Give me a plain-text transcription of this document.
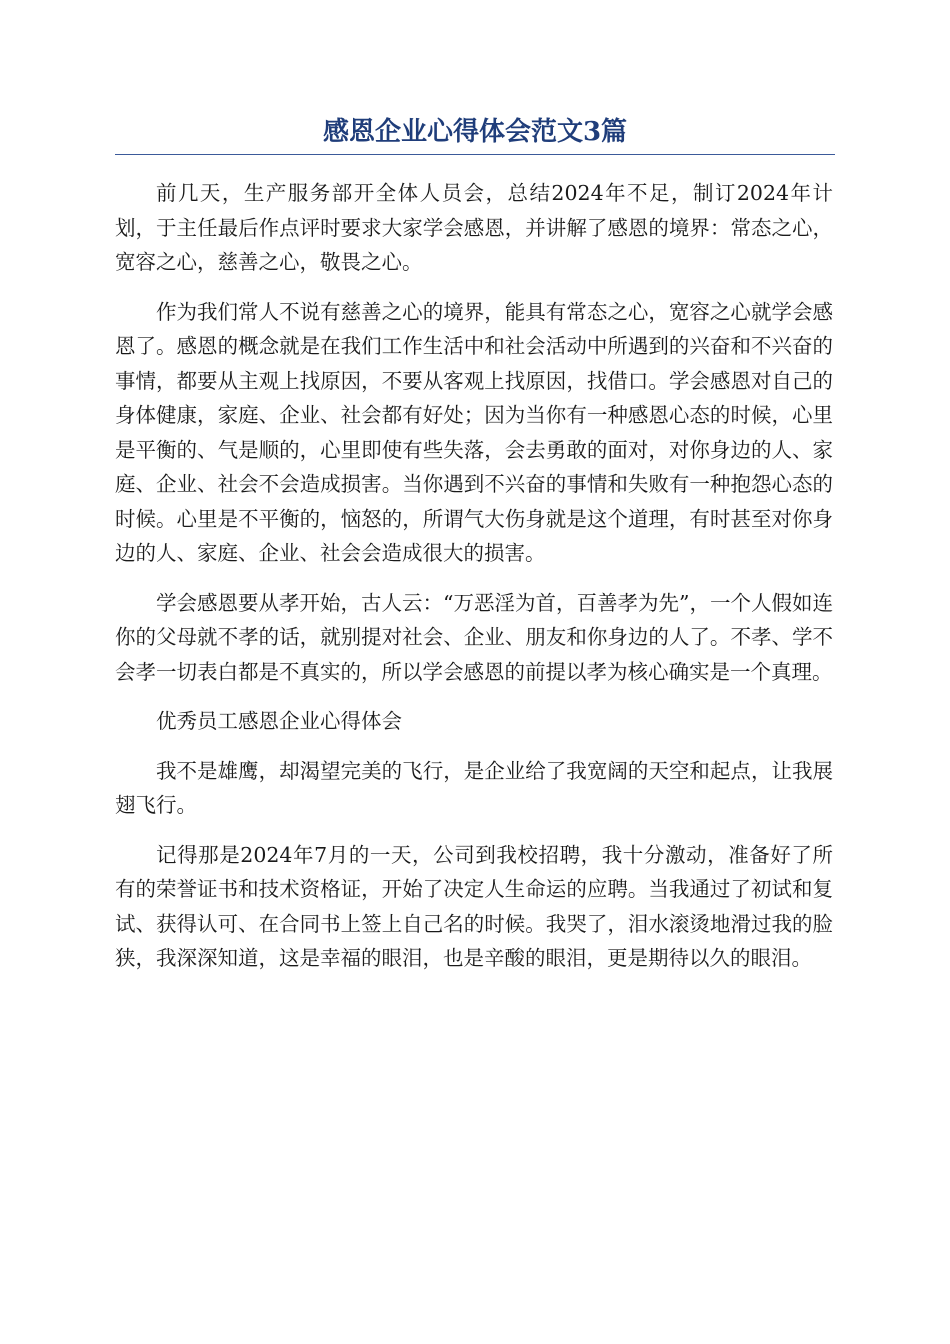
感恩企业心得体会范文3篇

前几天，生产服务部开全体人员会，总结2024年不足，制订2024年计划，于主任最后作点评时要求大家学会感恩，并讲解了感恩的境界：常态之心，宽容之心，慈善之心，敬畏之心。

作为我们常人不说有慈善之心的境界，能具有常态之心，宽容之心就学会感恩了。感恩的概念就是在我们工作生活中和社会活动中所遇到的兴奋和不兴奋的事情，都要从主观上找原因，不要从客观上找原因，找借口。学会感恩对自己的身体健康，家庭、企业、社会都有好处；因为当你有一种感恩心态的时候，心里是平衡的、气是顺的，心里即使有些失落，会去勇敢的面对，对你身边的人、家庭、企业、社会不会造成损害。当你遇到不兴奋的事情和失败有一种抱怨心态的时候。心里是不平衡的，恼怒的，所谓气大伤身就是这个道理，有时甚至对你身边的人、家庭、企业、社会会造成很大的损害。

学会感恩要从孝开始，古人云：“万恶淫为首，百善孝为先”，一个人假如连你的父母就不孝的话，就别提对社会、企业、朋友和你身边的人了。不孝、学不会孝一切表白都是不真实的，所以学会感恩的前提以孝为核心确实是一个真理。

优秀员工感恩企业心得体会

我不是雄鹰，却渴望完美的飞行，是企业给了我宽阔的天空和起点，让我展翅飞行。

记得那是2024年7月的一天，公司到我校招聘，我十分激动，准备好了所有的荣誉证书和技术资格证，开始了决定人生命运的应聘。当我通过了初试和复试、获得认可、在合同书上签上自己名的时候。我哭了，泪水滚烫地滑过我的脸狭，我深深知道，这是幸福的眼泪，也是辛酸的眼泪，更是期待以久的眼泪。
